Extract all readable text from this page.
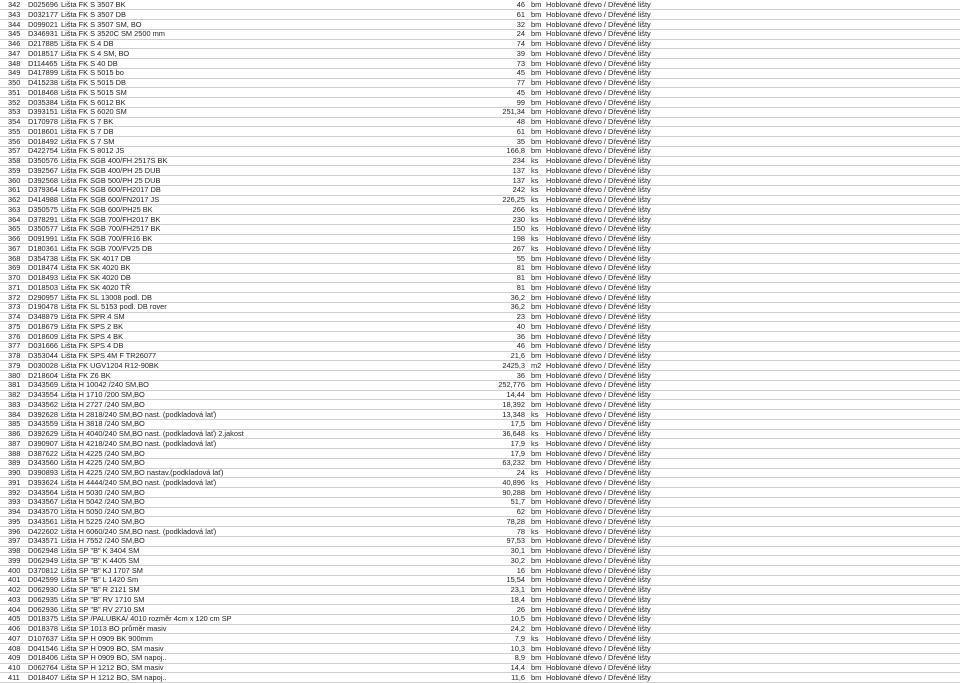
342	D025696 Lišta FK S 3507 BK	46 bm Hoblované dřevo / Dřevěné lišty
343	D032177 Lišta FK S 3507 DB	61 bm Hoblované dřevo / Dřevěné lišty
344	D099021 Lišta FK S 3507 SM, BO	32 bm Hoblované dřevo / Dřevěné lišty
345	D346931 Lišta FK S 3520C SM 2500 mm	24 bm Hoblované dřevo / Dřevěné lišty
346	D217885 Lišta FK S 4 DB	74 bm Hoblované dřevo / Dřevěné lišty
347	D018517 Lišta FK S 4 SM, BO	39 bm Hoblované dřevo / Dřevěné lišty
348	D114465 Lišta FK S 40 DB	73 bm Hoblované dřevo / Dřevěné lišty
349	D417899 Lišta FK S 5015 bo	45 bm Hoblované dřevo / Dřevěné lišty
350	D415238 Lišta FK S 5015 DB	77 bm Hoblované dřevo / Dřevěné lišty
351	D018468 Lišta FK S 5015 SM	45 bm Hoblované dřevo / Dřevěné lišty
352	D035384 Lišta FK S 6012 BK	99 bm Hoblované dřevo / Dřevěné lišty
353	D393151 Lišta FK S 6020 SM	251,34 bm Hoblované dřevo / Dřevěné lišty
354	D170978 Lišta FK S 7 BK	48 bm Hoblované dřevo / Dřevěné lišty
355	D018601 Lišta FK S 7 DB	61 bm Hoblované dřevo / Dřevěné lišty
356	D018492 Lišta FK S 7 SM	35 bm Hoblované dřevo / Dřevěné lišty
357	D422754 Lišta FK S 8012 JS	166,8 bm Hoblované dřevo / Dřevěné lišty
358	D350576 Lišta FK SGB 400/FH 2517S BK	234 ks	Hoblované dřevo / Dřevěné lišty
359	D392567 Lišta FK SGB 400/PH 25 DUB	137 ks	Hoblované dřevo / Dřevěné lišty
360	D392568 Lišta FK SGB 500/PH 25 DUB	137 ks	Hoblované dřevo / Dřevěné lišty
361	D379364 Lišta FK SGB 600/FH2017 DB	242 ks	Hoblované dřevo / Dřevěné lišty
362	D414988 Lišta FK SGB 600/FN2017 JS	226,25 ks	Hoblované dřevo / Dřevěné lišty
363	D350575 Lišta FK SGB 600/PH25 BK	266 ks	Hoblované dřevo / Dřevěné lišty
364	D378291 Lišta FK SGB 700/FH2017 BK	230 ks	Hoblované dřevo / Dřevěné lišty
365	D350577 Lišta FK SGB 700/FH2517 BK	150 ks	Hoblované dřevo / Dřevěné lišty
366	D091991 Lišta FK SGB 700/FR16 BK	198 ks	Hoblované dřevo / Dřevěné lišty
367	D180361 Lišta FK SGB 700/FV25 DB	267 ks	Hoblované dřevo / Dřevěné lišty
368	D354738 Lišta FK SK 4017 DB	55 bm Hoblované dřevo / Dřevěné lišty
369	D018474 Lišta FK SK 4020 BK	81 bm Hoblované dřevo / Dřevěné lišty
370	D018493 Lišta FK SK 4020 DB	81 bm Hoblované dřevo / Dřevěné lišty
371	D018503 Lišta FK SK 4020 TŘ	81 bm Hoblované dřevo / Dřevěné lišty
372	D290957 Lišta FK SL 13008 podl. DB	36,2 bm Hoblované dřevo / Dřevěné lišty
373	D190478 Lišta FK SL 5153 podl. DB rover	36,2 bm Hoblované dřevo / Dřevěné lišty
374	D348879 Lišta FK SPR 4 SM	23 bm Hoblované dřevo / Dřevěné lišty
375	D018679 Lišta FK SPS 2 BK	40 bm Hoblované dřevo / Dřevěné lišty
376	D018609 Lišta FK SPS 4 BK	36 bm Hoblované dřevo / Dřevěné lišty
377	D031666 Lišta FK SPS 4 DB	46 bm Hoblované dřevo / Dřevěné lišty
378	D353044 Lišta FK SPS 4M F TR26077	21,6 bm Hoblované dřevo / Dřevěné lišty
379	D030028 Lišta FK UGV1204 R12-90BK	2425,3 m2 Hoblované dřevo / Dřevěné lišty
380	D218604 Lišta FK Z6 BK	36 bm Hoblované dřevo / Dřevěné lišty
381	D343569 Lišta H 10042 /240 SM,BO	252,776 bm Hoblované dřevo / Dřevěné lišty
382	D343554 Lišta H 1710 /200 SM,BO	14,44 bm Hoblované dřevo / Dřevěné lišty
383	D343562 Lišta H 2727 /240 SM,BO	18,392 bm Hoblované dřevo / Dřevěné lišty
384	D392628 Lišta H 2818/240 SM,BO nast. (podkladová lať)	13,348 ks	Hoblované dřevo / Dřevěné lišty
385	D343559 Lišta H 3818 /240 SM,BO	17,5 bm Hoblované dřevo / Dřevěné lišty
386	D392629 Lišta H 4040/240 SM,BO nast. (podkladová lať) 2.jakost	36,648 ks	Hoblované dřevo / Dřevěné lišty
387	D390907 Lišta H 4218/240 SM,BO nast. (podkladová lať)	17,9 ks	Hoblované dřevo / Dřevěné lišty
388	D387622 Lišta H 4225 /240 SM,BO	17,9 bm Hoblované dřevo / Dřevěné lišty
389	D343560 Lišta H 4225 /240 SM,BO	63,232 bm Hoblované dřevo / Dřevěné lišty
390	D390893 Lišta H 4225 /240 SM,BO nastav.(podkladová lať)	24 ks	Hoblované dřevo / Dřevěné lišty
391	D393624 Lišta H 4444/240 SM,BO nast. (podkladová lať)	40,896 ks	Hoblované dřevo / Dřevěné lišty
392	D343564 Lišta H 5030 /240 SM,BO	90,288 bm Hoblované dřevo / Dřevěné lišty
393	D343567 Lišta H 5042 /240 SM,BO	51,7 bm Hoblované dřevo / Dřevěné lišty
394	D343570 Lišta H 5050 /240 SM,BO	62 bm Hoblované dřevo / Dřevěné lišty
395	D343561 Lišta H 5225 /240 SM,BO	78,28 bm Hoblované dřevo / Dřevěné lišty
396	D422602 Lišta H 6060/240 SM,BO nast. (podkladová lať)	78 ks	Hoblované dřevo / Dřevěné lišty
397	D343571 Lišta H 7552 /240 SM,BO	97,53 bm Hoblované dřevo / Dřevěné lišty
398	D062948 Lišta SP "B" K 3404 SM	30,1 bm Hoblované dřevo / Dřevěné lišty
399	D062949 Lišta SP "B" K 4405 SM	30,2 bm Hoblované dřevo / Dřevěné lišty
400	D370812 Lišta SP "B" KJ 1707 SM	16 bm Hoblované dřevo / Dřevěné lišty
401	D042599 Lišta SP "B" L 1420 Sm	15,54 bm Hoblované dřevo / Dřevěné lišty
402	D062930 Lišta SP "B" R 2121 SM	23,1 bm Hoblované dřevo / Dřevěné lišty
403	D062935 Lišta SP "B" RV 1710 SM	18,4 bm Hoblované dřevo / Dřevěné lišty
404	D062936 Lišta SP "B" RV 2710 SM	26 bm Hoblované dřevo / Dřevěné lišty
405	D018375 Lišta SP /PALUBKA/ 4010 rozměr 4cm x 120 cm SP	10,5 bm Hoblované dřevo / Dřevěné lišty
406	D018378 Lišta SP 1013 BO průměr masiv	24,2 bm Hoblované dřevo / Dřevěné lišty
407	D107637 Lišta SP H 0909 BK 900mm	7,9 ks	Hoblované dřevo / Dřevěné lišty
408	D041546 Lišta SP H 0909 BO, SM masiv	10,3 bm Hoblované dřevo / Dřevěné lišty
409	D018406 Lišta SP H 0909 BO, SM napoj..	8,9 bm Hoblované dřevo / Dřevěné lišty
410	D062764 Lišta SP H 1212 BO, SM masiv	14,4 bm Hoblované dřevo / Dřevěné lišty
411	D018407 Lišta SP H 1212 BO, SM napoj..	11,6 bm Hoblované dřevo / Dřevěné lišty
